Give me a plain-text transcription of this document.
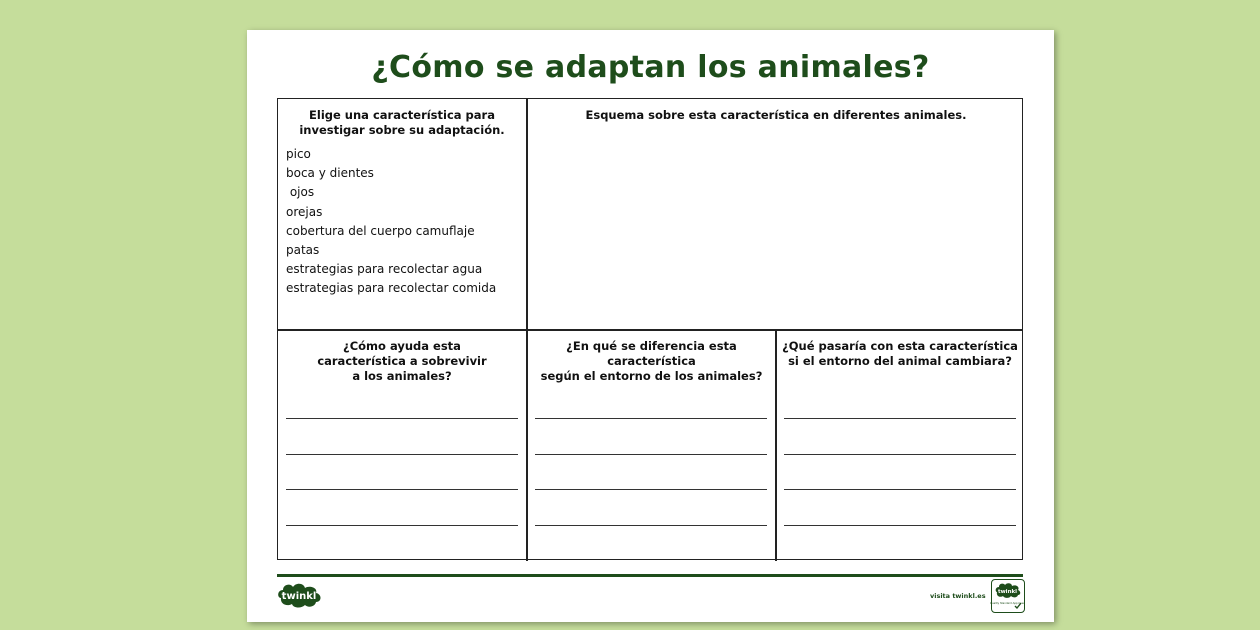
¿Cómo se adaptan los animales?
Elige una característica para
investigar sobre su adaptación.
pico
boca y dientes
ojos
orejas
cobertura del cuerpo camuflaje
patas
estrategias para recolectar agua
estrategias para recolectar comida
Esquema sobre esta característica en diferentes animales.
¿Cómo ayuda esta
característica a sobrevivir
a los animales?
¿En qué se diferencia esta característica
según el entorno de los animales?
¿Qué pasaría con esta característica
si el entorno del animal cambiara?
twinkl	visita twinkl.es twinkl
Quality Standard Approved
